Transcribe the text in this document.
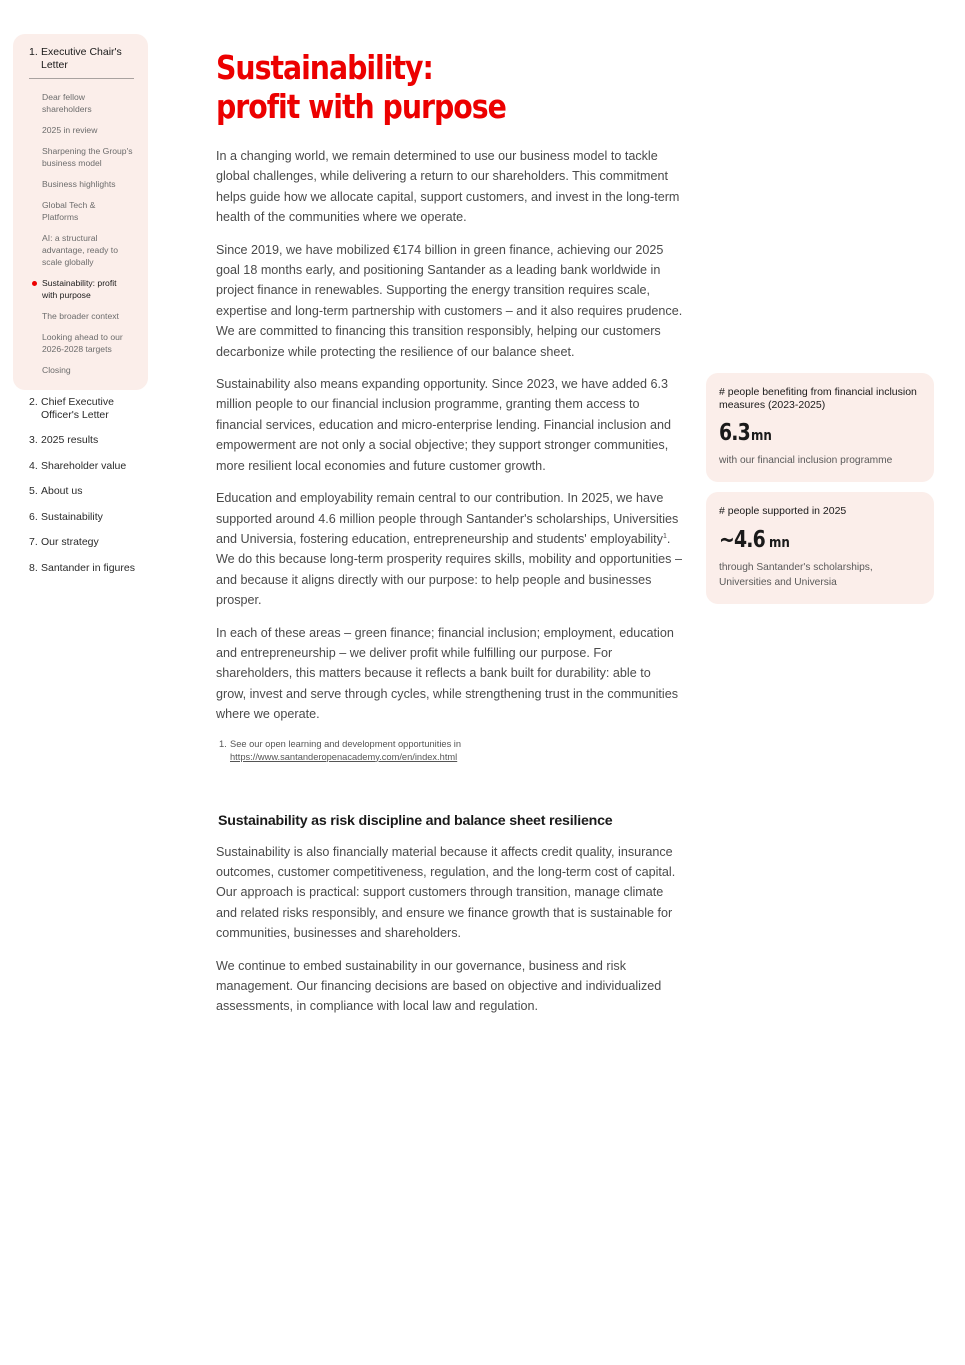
1. Executive Chair's Letter
Dear fellow shareholders
2025 in review
Sharpening the Group's business model
Business highlights
Global Tech & Platforms
AI: a structural advantage, ready to scale globally
Sustainability: profit with purpose
The broader context
Looking ahead to our 2026-2028 targets
Closing
2. Chief Executive Officer's Letter
3. 2025 results
4. Shareholder value
5. About us
6. Sustainability
7. Our strategy
8. Santander in figures
Sustainability:
profit with purpose

In a changing world, we remain determined to use our business model to tackle global challenges, while delivering a return to our shareholders. This commitment helps guide how we allocate capital, support customers, and invest in the long-term health of the communities where we operate.

Since 2019, we have mobilized €174 billion in green finance, achieving our 2025 goal 18 months early, and positioning Santander as a leading bank worldwide in project finance in renewables. Supporting the energy transition requires scale, expertise and long-term partnership with customers – and it also requires prudence. We are committed to financing this transition responsibly, helping our customers decarbonize while protecting the resilience of our balance sheet.

Sustainability also means expanding opportunity. Since 2023, we have added 6.3 million people to our financial inclusion programme, granting them access to financial services, education and micro-enterprise lending. Financial inclusion and empowerment are not only a social objective; they support stronger communities, more resilient local economies and future customer growth.

Education and employability remain central to our contribution. In 2025, we have supported around 4.6 million people through Santander's scholarships, Universities and Universia, fostering education, entrepreneurship and students' employability$^1$. We do this because long-term prosperity requires skills, mobility and opportunities – and because it aligns directly with our purpose: to help people and businesses prosper.

In each of these areas – green finance; financial inclusion; employment, education and entrepreneurship – we deliver profit while fulfilling our purpose. For shareholders, this matters because it reflects a bank built for durability: able to grow, invest and serve through cycles, while strengthening trust in the communities where we operate.

1. See our open learning and development opportunities in https://www.santanderopenacademy.com/en/index.html
Sustainability as risk discipline and balance sheet resilience

Sustainability is also financially material because it affects credit quality, insurance outcomes, customer competitiveness, regulation, and the long-term cost of capital. Our approach is practical: support customers through transition, manage climate and related risks responsibly, and ensure we finance growth that is sustainable for communities, businesses and shareholders.

We continue to embed sustainability in our governance, business and risk management. Our financing decisions are based on objective and individualized assessments, in compliance with local law and regulation.

# people benefiting from financial inclusion measures (2023-2025)
6.3mn
with our financial inclusion programme
# people supported in 2025
~4.6 mn
through Santander's scholarships, Universities and Universia
